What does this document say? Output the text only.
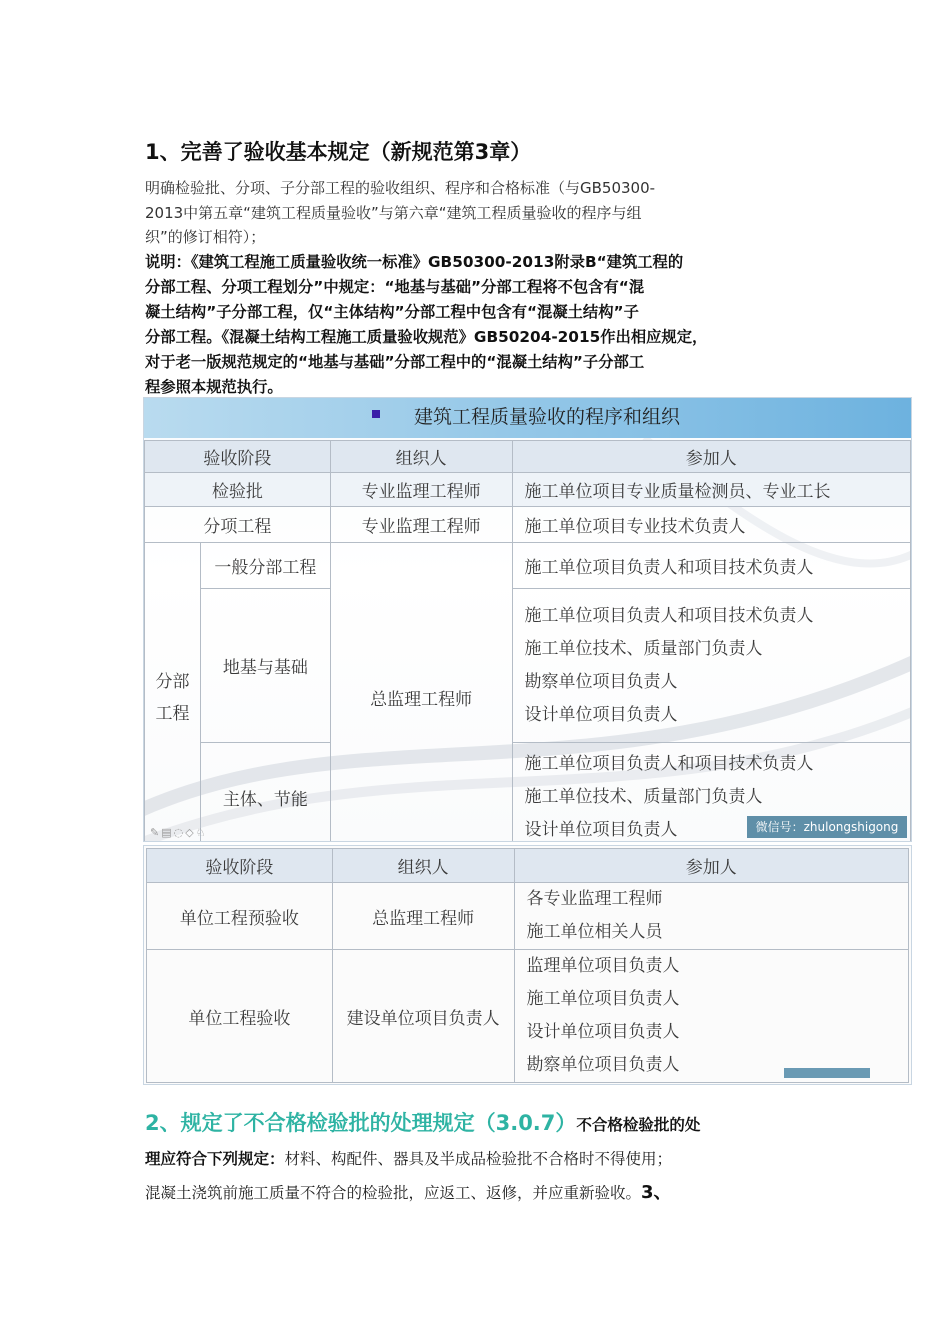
1、完善了验收基本规定（新规范第3章）
明确检验批、分项、子分部工程的验收组织、程序和合格标准（与GB50300-
2013中第五章“建筑工程质量验收”与第六章“建筑工程质量验收的程序与组
织”的修订相符）；
说明：《建筑工程施工质量验收统一标准》GB50300-2013附录B“建筑工程的
分部工程、分项工程划分”中规定：“地基与基础”分部工程将不包含有“混
凝土结构”子分部工程，仅“主体结构”分部工程中包含有“混凝土结构”子
分部工程。《混凝土结构工程施工质量验收规范》GB50204-2015作出相应规定，
对于老一版规范规定的“地基与基础”分部工程中的“混凝土结构”子分部工
程参照本规范执行。
建筑工程质量验收的程序和组织
验收阶段		组织人	参加人
检验批		专业监理工程师	施工单位项目专业质量检测员、专业工长
分项工程		专业监理工程师	施工单位项目专业技术负责人

分部
工程	一般分部工程	总监理工程师	施工单位项目负责人和项目技术负责人
	地基与基础		施工单位项目负责人和项目技术负责人
施工单位技术、质量部门负责人
勘察单位项目负责人
设计单位项目负责人

	主体、节能		施工单位项目负责人和项目技术负责人
施工单位技术、质量部门负责人
设计单位项目负责人
✎▤◌◇♘	微信号：zhulongshigong
验收阶段	组织人	参加人
单位工程预验收	总监理工程师	各专业监理工程师
施工单位相关人员

单位工程验收	建设单位项目负责人	监理单位项目负责人
施工单位项目负责人
设计单位项目负责人
勘察单位项目负责人
2、规定了不合格检验批的处理规定（3.0.7）不合格检验批的处
理应符合下列规定：材料、构配件、器具及半成品检验批不合格时不得使用；
混凝土浇筑前施工质量不符合的检验批，应返工、返修，并应重新验收。3、
